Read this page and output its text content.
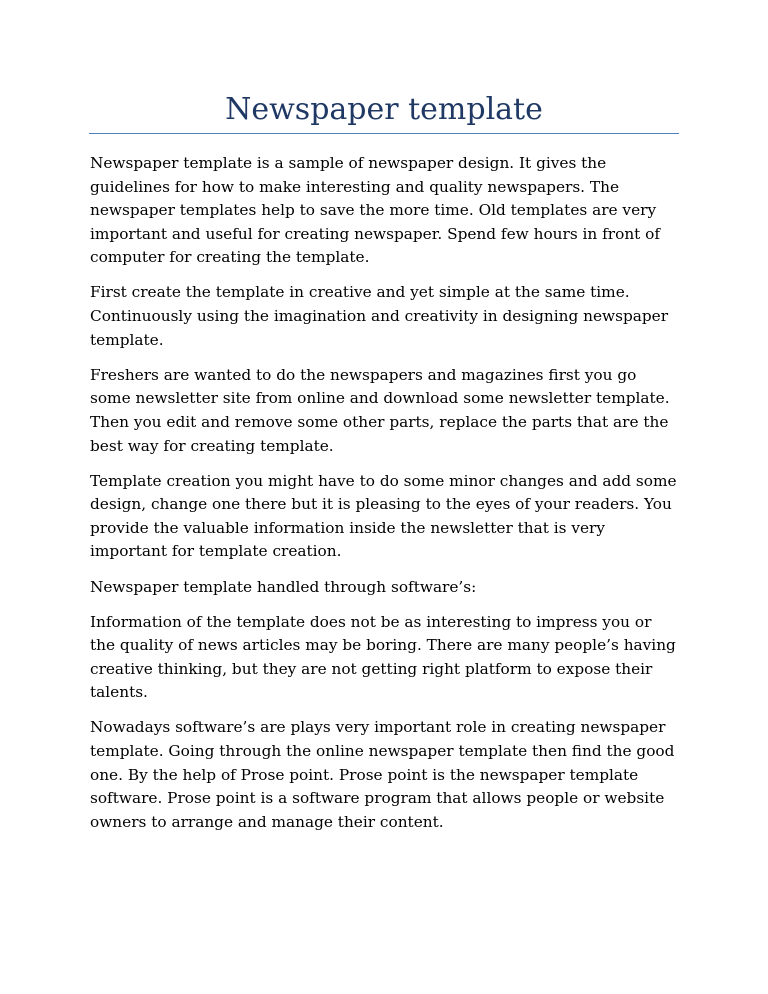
Newspaper template

Newspaper template is a sample of newspaper design. It gives the guidelines for how to make interesting and quality newspapers. The newspaper templates help to save the more time. Old templates are very important and useful for creating newspaper. Spend few hours in front of computer for creating the template.

First create the template in creative and yet simple at the same time. Continuously using the imagination and creativity in designing newspaper template.

Freshers are wanted to do the newspapers and magazines first you go some newsletter site from online and download some newsletter template. Then you edit and remove some other parts, replace the parts that are the best way for creating template.

Template creation you might have to do some minor changes and add some design, change one there but it is pleasing to the eyes of your readers. You provide the valuable information inside the newsletter that is very important for template creation.

Newspaper template handled through software’s:

Information of the template does not be as interesting to impress you or the quality of news articles may be boring. There are many people’s having creative thinking, but they are not getting right platform to expose their talents.

Nowadays software’s are plays very important role in creating newspaper template. Going through the online newspaper template then find the good one. By the help of Prose point. Prose point is the newspaper template software. Prose point is a software program that allows people or website owners to arrange and manage their content.
